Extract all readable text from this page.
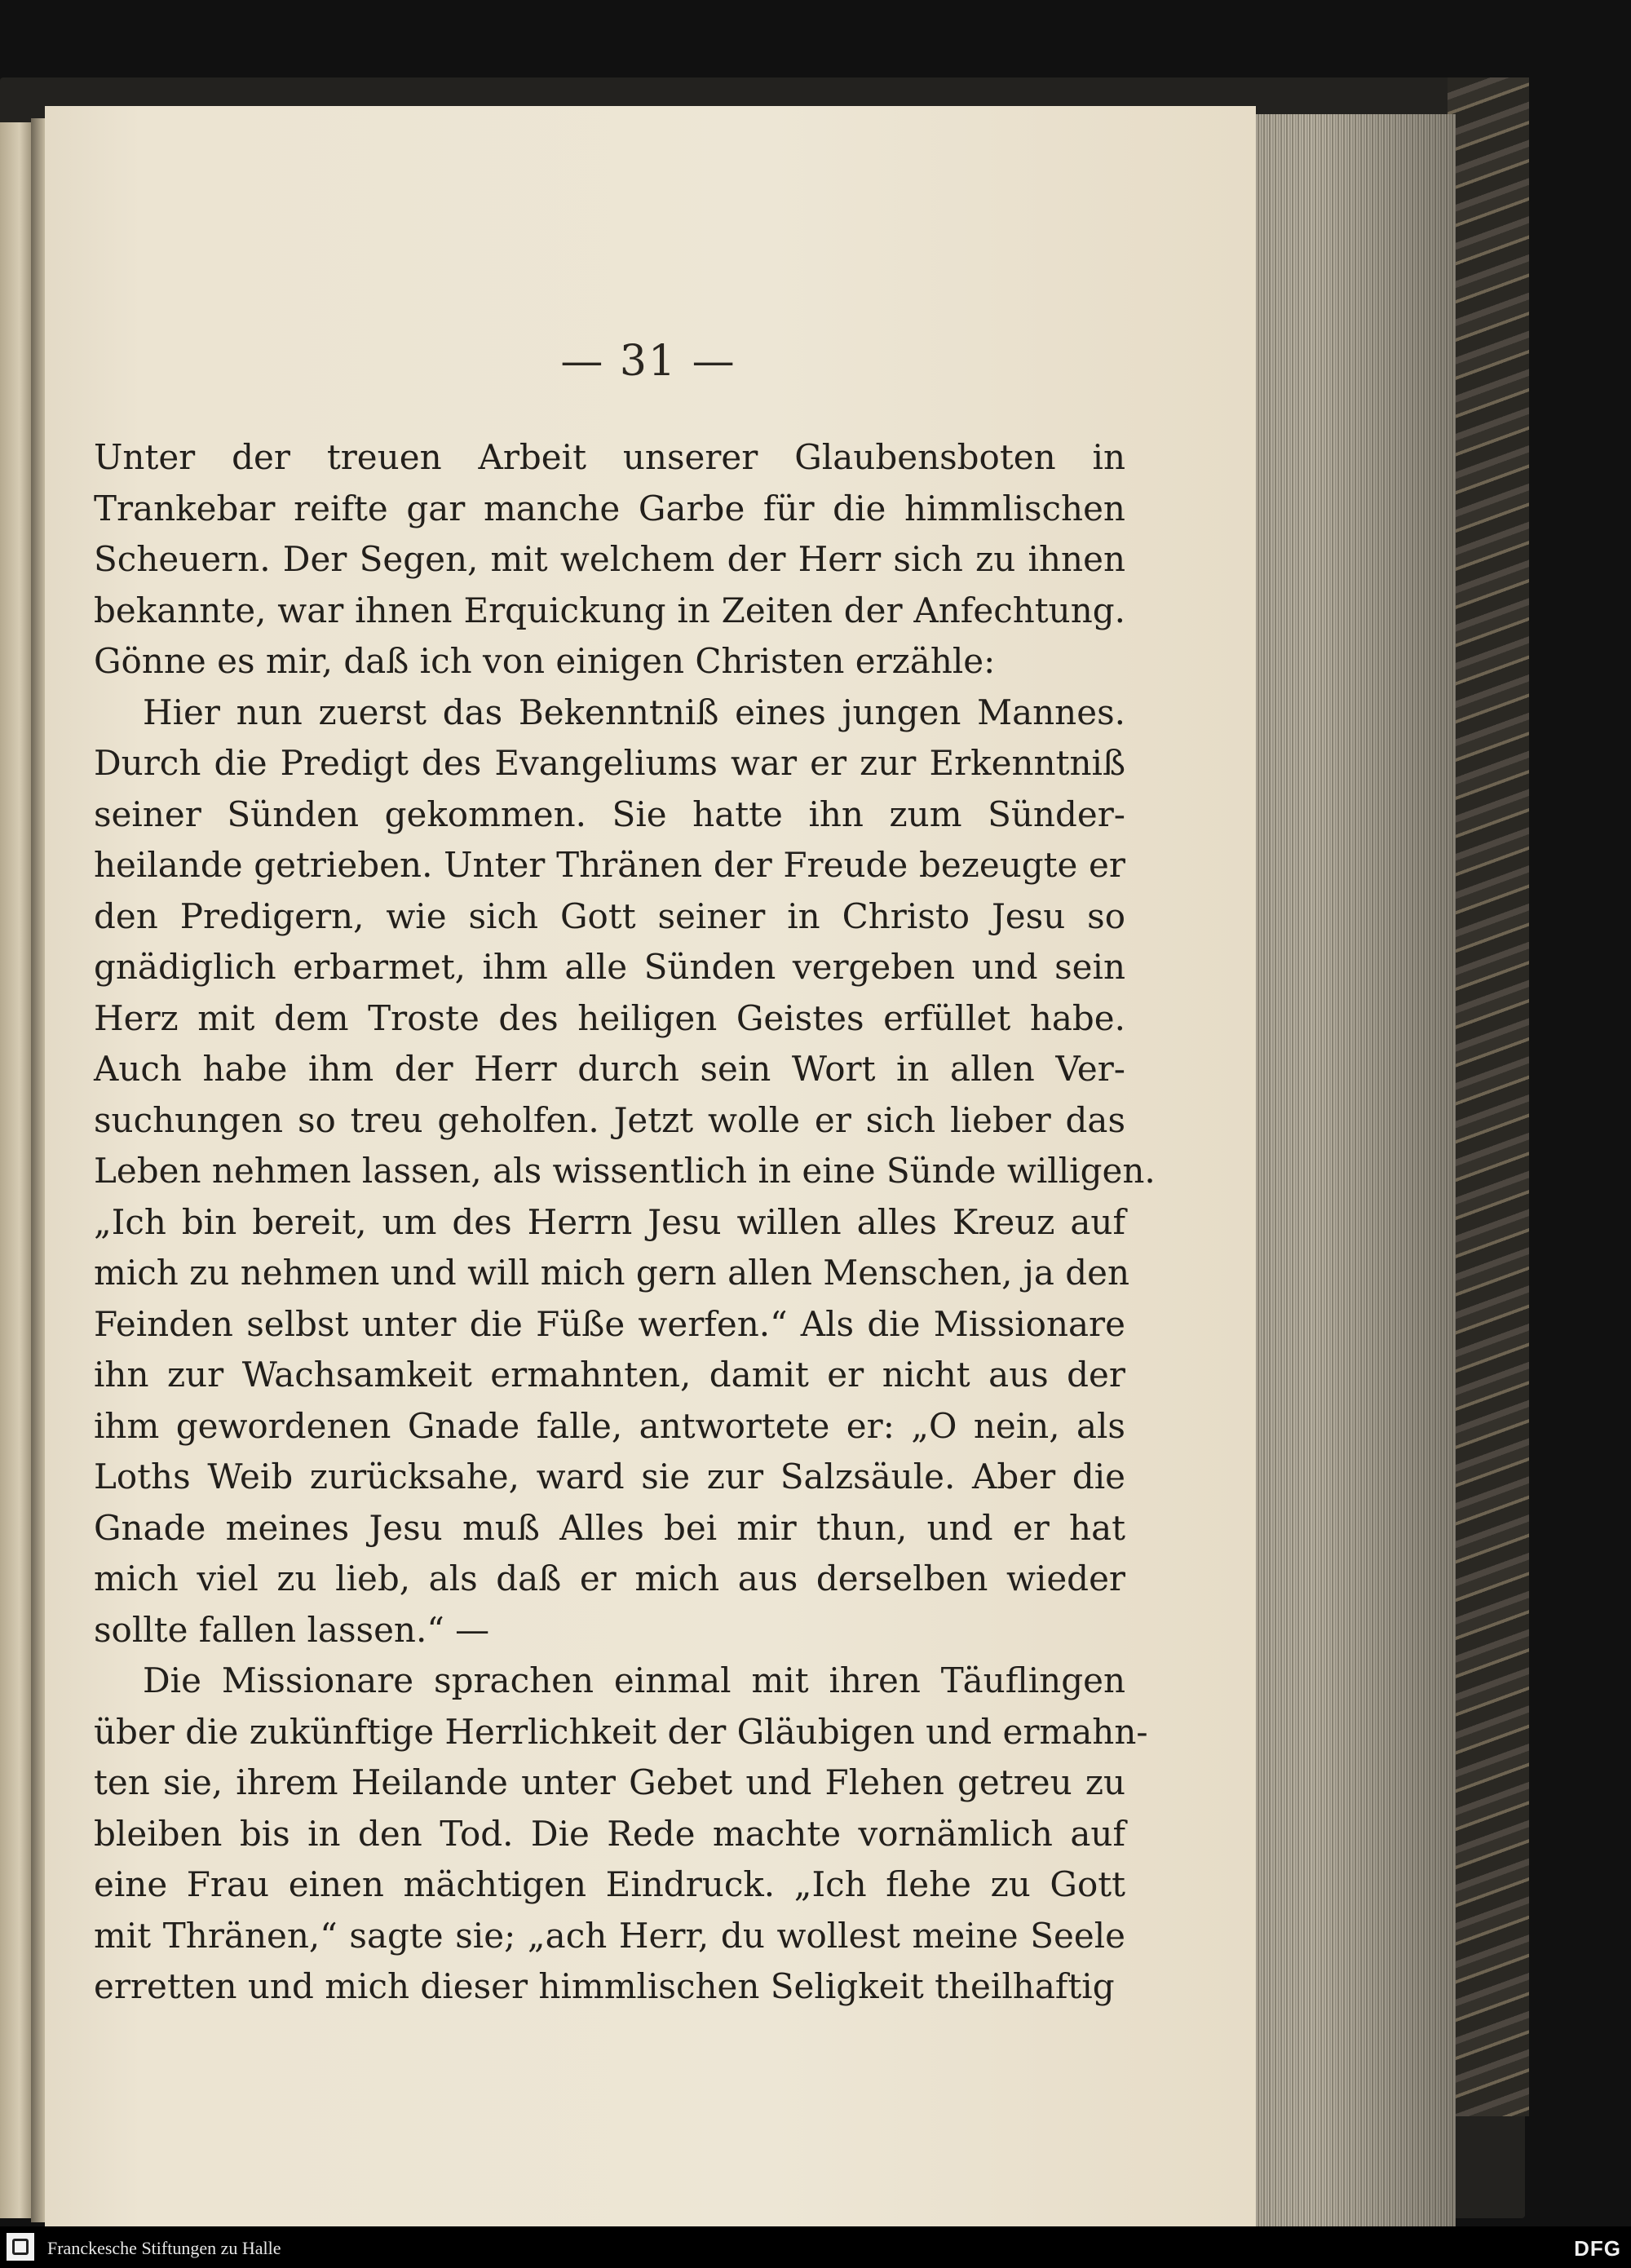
— 31 —
Unter der treuen Arbeit unserer Glaubensboten in
Trankebar reifte gar manche Garbe für die himmlischen
Scheuern. Der Segen, mit welchem der Herr sich zu ihnen
bekannte, war ihnen Erquickung in Zeiten der Anfechtung.
Gönne es mir, daß ich von einigen Christen erzähle:
Hier nun zuerst das Bekenntniß eines jungen Mannes.
Durch die Predigt des Evangeliums war er zur Erkenntniß
seiner Sünden gekommen. Sie hatte ihn zum Sünder-
heilande getrieben. Unter Thränen der Freude bezeugte er
den Predigern, wie sich Gott seiner in Christo Jesu so
gnädiglich erbarmet, ihm alle Sünden vergeben und sein
Herz mit dem Troste des heiligen Geistes erfüllet habe.
Auch habe ihm der Herr durch sein Wort in allen Ver-
suchungen so treu geholfen. Jetzt wolle er sich lieber das
Leben nehmen lassen, als wissentlich in eine Sünde willigen.
„Ich bin bereit, um des Herrn Jesu willen alles Kreuz auf
mich zu nehmen und will mich gern allen Menschen, ja den
Feinden selbst unter die Füße werfen.“ Als die Missionare
ihn zur Wachsamkeit ermahnten, damit er nicht aus der
ihm gewordenen Gnade falle, antwortete er: „O nein, als
Loths Weib zurücksahe, ward sie zur Salzsäule. Aber die
Gnade meines Jesu muß Alles bei mir thun, und er hat
mich viel zu lieb, als daß er mich aus derselben wieder
sollte fallen lassen.“ —
Die Missionare sprachen einmal mit ihren Täuflingen
über die zukünftige Herrlichkeit der Gläubigen und ermahn-
ten sie, ihrem Heilande unter Gebet und Flehen getreu zu
bleiben bis in den Tod. Die Rede machte vornämlich auf
eine Frau einen mächtigen Eindruck. „Ich flehe zu Gott
mit Thränen,“ sagte sie; „ach Herr, du wollest meine Seele
erretten und mich dieser himmlischen Seligkeit theilhaftig
Franckesche Stiftungen zu Halle	DFG
